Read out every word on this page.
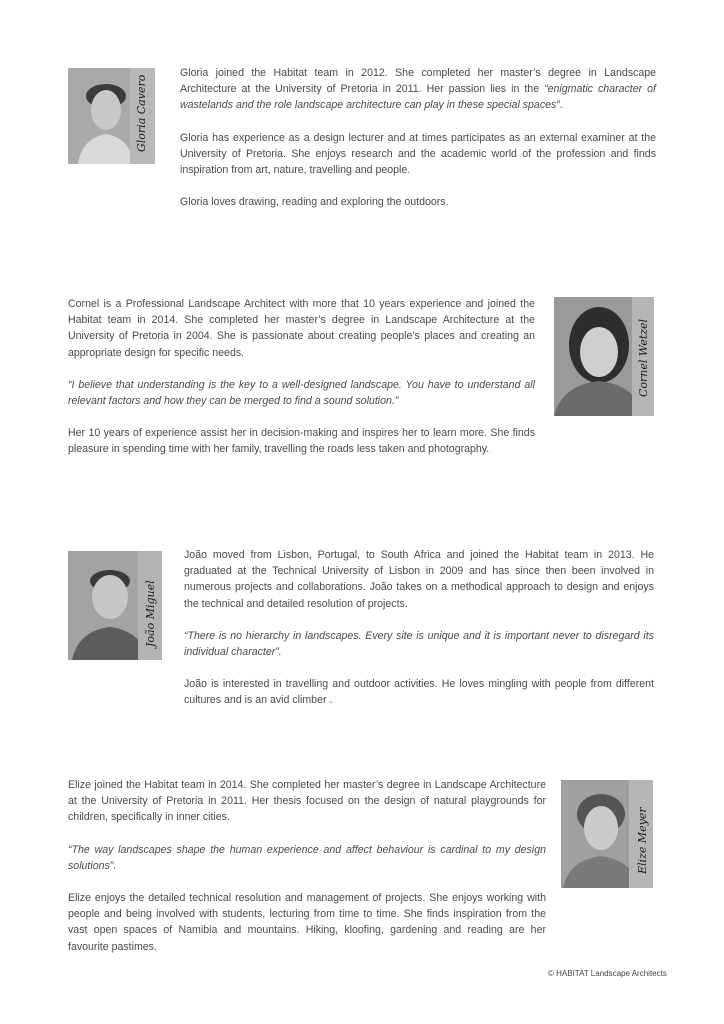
Gloria Cavero

Gloria joined the Habitat team in 2012. She completed her master’s degree in Landscape Architecture at the University of Pretoria in 2011. Her passion lies in the “enigmatic character of wastelands and the role landscape architecture can play in these special spaces”.

Gloria has experience as a design lecturer and at times participates as an external examiner at the University of Pretoria. She enjoys research and the academic world of the profession and finds inspiration from art, nature, travelling and people.

Gloria loves drawing, reading and exploring the outdoors.

Cornel is a Professional Landscape Architect with more that 10 years experience and joined the Habitat team in 2014. She completed her master’s degree in Landscape Architecture at the University of Pretoria in 2004. She is passionate about creating people’s places and creating an appropriate design for specific needs.

“I believe that understanding is the key to a well-designed landscape. You have to understand all relevant factors and how they can be merged to find a sound solution.”

Her 10 years of experience assist her in decision-making and inspires her to learn more. She finds pleasure in spending time with her family, travelling the roads less taken and photography.

Cornel Wetzel
João Miguel

João moved from Lisbon, Portugal, to South Africa and joined the Habitat team in 2013. He graduated at the Technical University of Lisbon in 2009 and has since then been involved in numerous projects and collaborations. João takes on a methodical approach to design and enjoys the technical and detailed resolution of projects.

“There is no hierarchy in landscapes. Every site is unique and it is important never to disregard its individual character”.

João is interested in travelling and outdoor activities. He loves mingling with people from different cultures and is an avid climber .

Elize joined the Habitat team in 2014. She completed her master’s degree in Landscape Architecture at the University of Pretoria in 2011. Her thesis focused on the design of natural playgrounds for children, specifically in inner cities.

“The way landscapes shape the human experience and affect behaviour is cardinal to my design solutions”.

Elize enjoys the detailed technical resolution and management of projects. She enjoys working with people and being involved with students, lecturing from time to time. She finds inspiration from the vast open spaces of Namibia and mountains. Hiking, kloofing, gardening and reading are her favourite pastimes.

Elize Meyer
© HABITAT Landscape Architects
